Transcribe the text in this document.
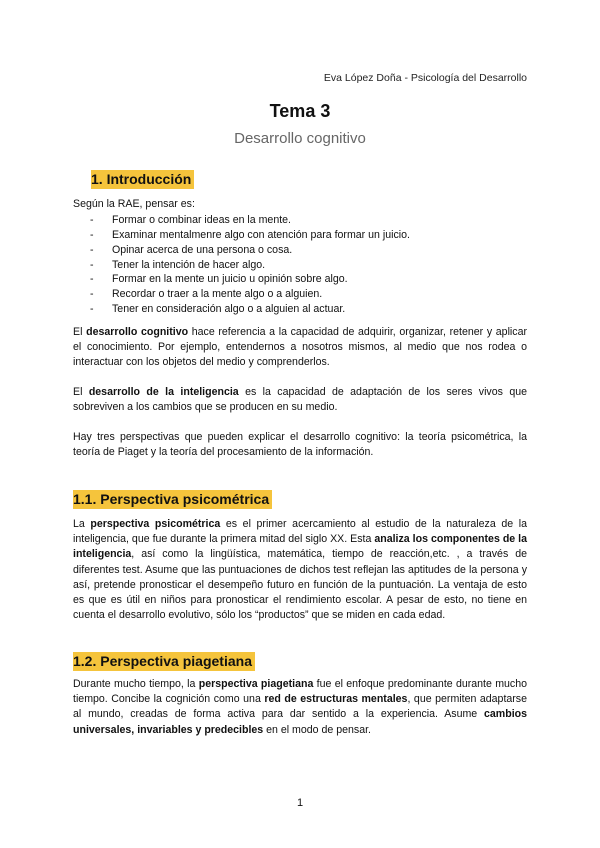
Eva López Doña - Psicología del Desarrollo
Tema 3
Desarrollo cognitivo
1. Introducción
Según la RAE, pensar es:
- Formar o combinar ideas en la mente.
- Examinar mentalmenre algo con atención para formar un juicio.
- Opinar acerca de una persona o cosa.
- Tener la intención de hacer algo.
- Formar en la mente un juicio u opinión sobre algo.
- Recordar o traer a la mente algo o a alguien.
- Tener en consideración algo o a alguien al actuar.

El desarrollo cognitivo hace referencia a la capacidad de adquirir, organizar, retener y aplicar el conocimiento. Por ejemplo, entendernos a nosotros mismos, al medio que nos rodea o interactuar con los objetos del medio y comprenderlos.

El desarrollo de la inteligencia es la capacidad de adaptación de los seres vivos que sobreviven a los cambios que se producen en su medio.

Hay tres perspectivas que pueden explicar el desarrollo cognitivo: la teoría psicométrica, la teoría de Piaget y la teoría del procesamiento de la información.

1.1. Perspectiva psicométrica

La perspectiva psicométrica es el primer acercamiento al estudio de la naturaleza de la inteligencia, que fue durante la primera mitad del siglo XX. Esta analiza los componentes de la inteligencia, así como la lingüística, matemática, tiempo de reacción,etc. , a través de diferentes test. Asume que las puntuaciones de dichos test reflejan las aptitudes de la persona y así, pretende pronosticar el desempeño futuro en función de la puntuación. La ventaja de esto es que es útil en niños para pronosticar el rendimiento escolar. A pesar de esto, no tiene en cuenta el desarrollo evolutivo, sólo los “productos” que se miden en cada edad.

1.2. Perspectiva piagetiana

Durante mucho tiempo, la perspectiva piagetiana fue el enfoque predominante durante mucho tiempo. Concibe la cognición como una red de estructuras mentales, que permiten adaptarse al mundo, creadas de forma activa para dar sentido a la experiencia. Asume cambios universales, invariables y predecibles en el modo de pensar.

1
